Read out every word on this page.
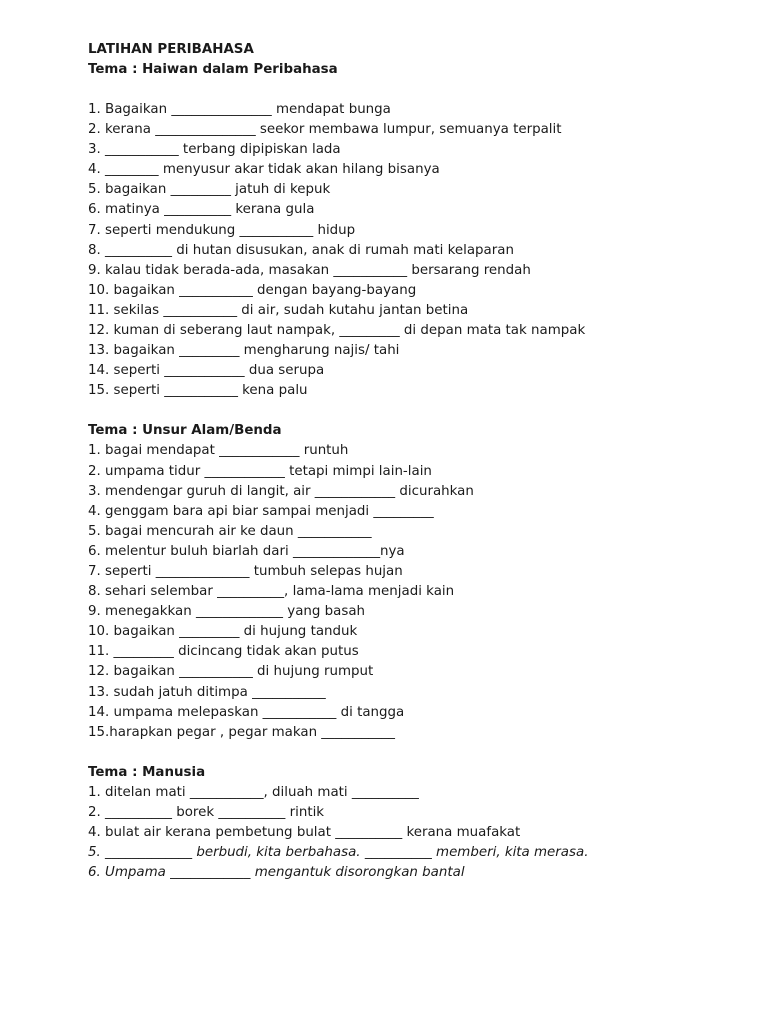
LATIHAN PERIBAHASA
Tema : Haiwan dalam Peribahasa
1. Bagaikan _______________ mendapat bunga
2. kerana _______________ seekor membawa lumpur, semuanya terpalit
3. ___________ terbang dipipiskan lada
4. ________ menyusur akar tidak akan hilang bisanya
5. bagaikan _________ jatuh di kepuk
6. matinya __________ kerana gula
7. seperti mendukung ___________ hidup
8. __________ di hutan disusukan, anak di rumah mati kelaparan
9. kalau tidak berada-ada, masakan ___________ bersarang rendah
10. bagaikan ___________ dengan bayang-bayang
11. sekilas ___________ di air, sudah kutahu jantan betina
12. kuman di seberang laut nampak, _________ di depan mata tak nampak
13. bagaikan _________ mengharung najis/ tahi
14. seperti ____________ dua serupa
15. seperti ___________ kena palu
Tema : Unsur Alam/Benda
1. bagai mendapat ____________ runtuh
2. umpama tidur ____________ tetapi mimpi lain-lain
3. mendengar guruh di langit, air ____________ dicurahkan
4. genggam bara api biar sampai menjadi _________
5. bagai mencurah air ke daun ___________
6. melentur buluh biarlah dari _____________nya
7. seperti ______________ tumbuh selepas hujan
8. sehari selembar __________, lama-lama menjadi kain
9. menegakkan _____________ yang basah
10. bagaikan _________ di hujung tanduk
11. _________ dicincang tidak akan putus
12. bagaikan ___________ di hujung rumput
13. sudah jatuh ditimpa ___________
14. umpama melepaskan ___________ di tangga
15.harapkan pegar , pegar makan ___________
Tema : Manusia
1. ditelan mati ___________, diluah mati __________
2. __________ borek __________ rintik
4. bulat air kerana pembetung bulat __________ kerana muafakat
5. _____________ berbudi, kita berbahasa. __________ memberi, kita merasa.
6. Umpama ____________ mengantuk disorongkan bantal
